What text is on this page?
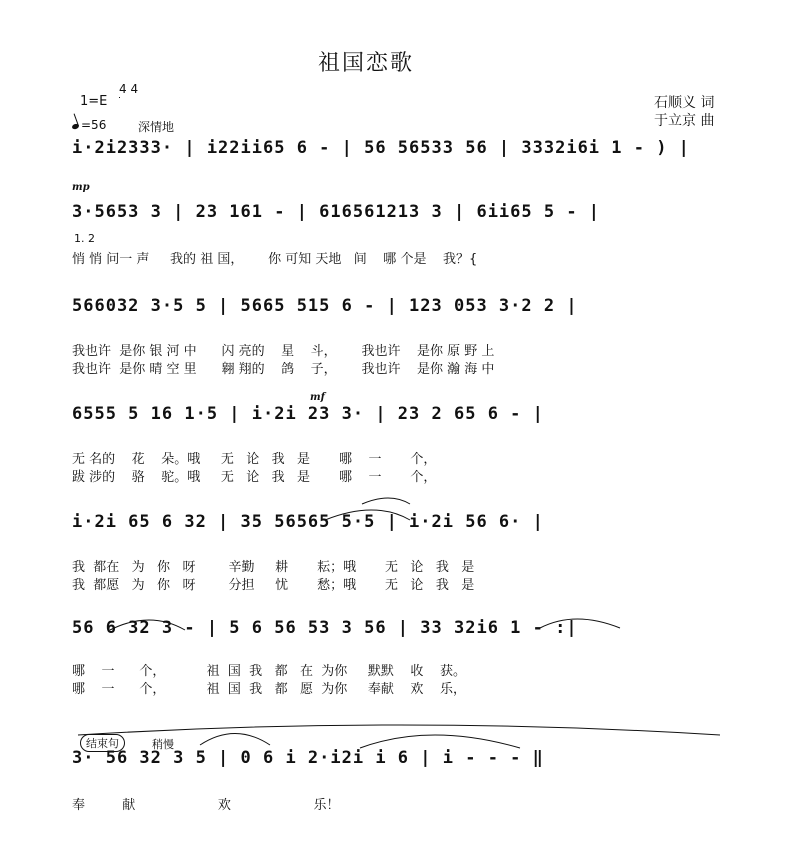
祖国恋歌
1=E
4 4
=56	深情地
石顺义 词
于立京 曲
i·2i2333· | i22ii65 6 - | 56 56533 56 | 3332i6i 1 - ) |
mp
3·5653 3 | 23 161 - | 616561213 3 | 6ii65 5 - |
1. 2
悄 悄 问一 声     我的 祖 国，      你 可知 天地   间    哪 个是    我？{
566032 3·5 5 | 5665 515 6 - | 123 053 3·2 2 |
我也许  是你 银 河 中      闪 亮的    星    斗，      我也许    是你 原 野 上
我也许  是你 晴 空 里      翱 翔的    鸽    子，      我也许    是你 瀚 海 中
mf
6555 5 16 1·5 | i·2i 23 3· | 23 2 65 6 - |
无 名的    花    朵。哦     无   论   我   是       哪    一       个，
跋 涉的    骆    驼。哦     无   论   我   是       哪    一       个，
i·2i 65 6 32 | 35 56565 5·5 | i·2i 56 6· |
我  都在   为   你   呀        辛勤     耕       耘；哦       无   论   我   是
我  都愿   为   你   呀        分担     忧       愁；哦       无   论   我   是
56 6 32 3 - | 5 6 56 53 3 56 | 33 32i6 1 - :|
哪    一      个，          祖  国  我   都   在  为你     默默    收    获。
哪    一      个，          祖  国  我   都   愿  为你     奉献    欢    乐，
结束句	稍慢
3· 56 32 3 5 | 0 6 i 2·i2i i 6 | i - - - ‖
奉         献                    欢                    乐！
